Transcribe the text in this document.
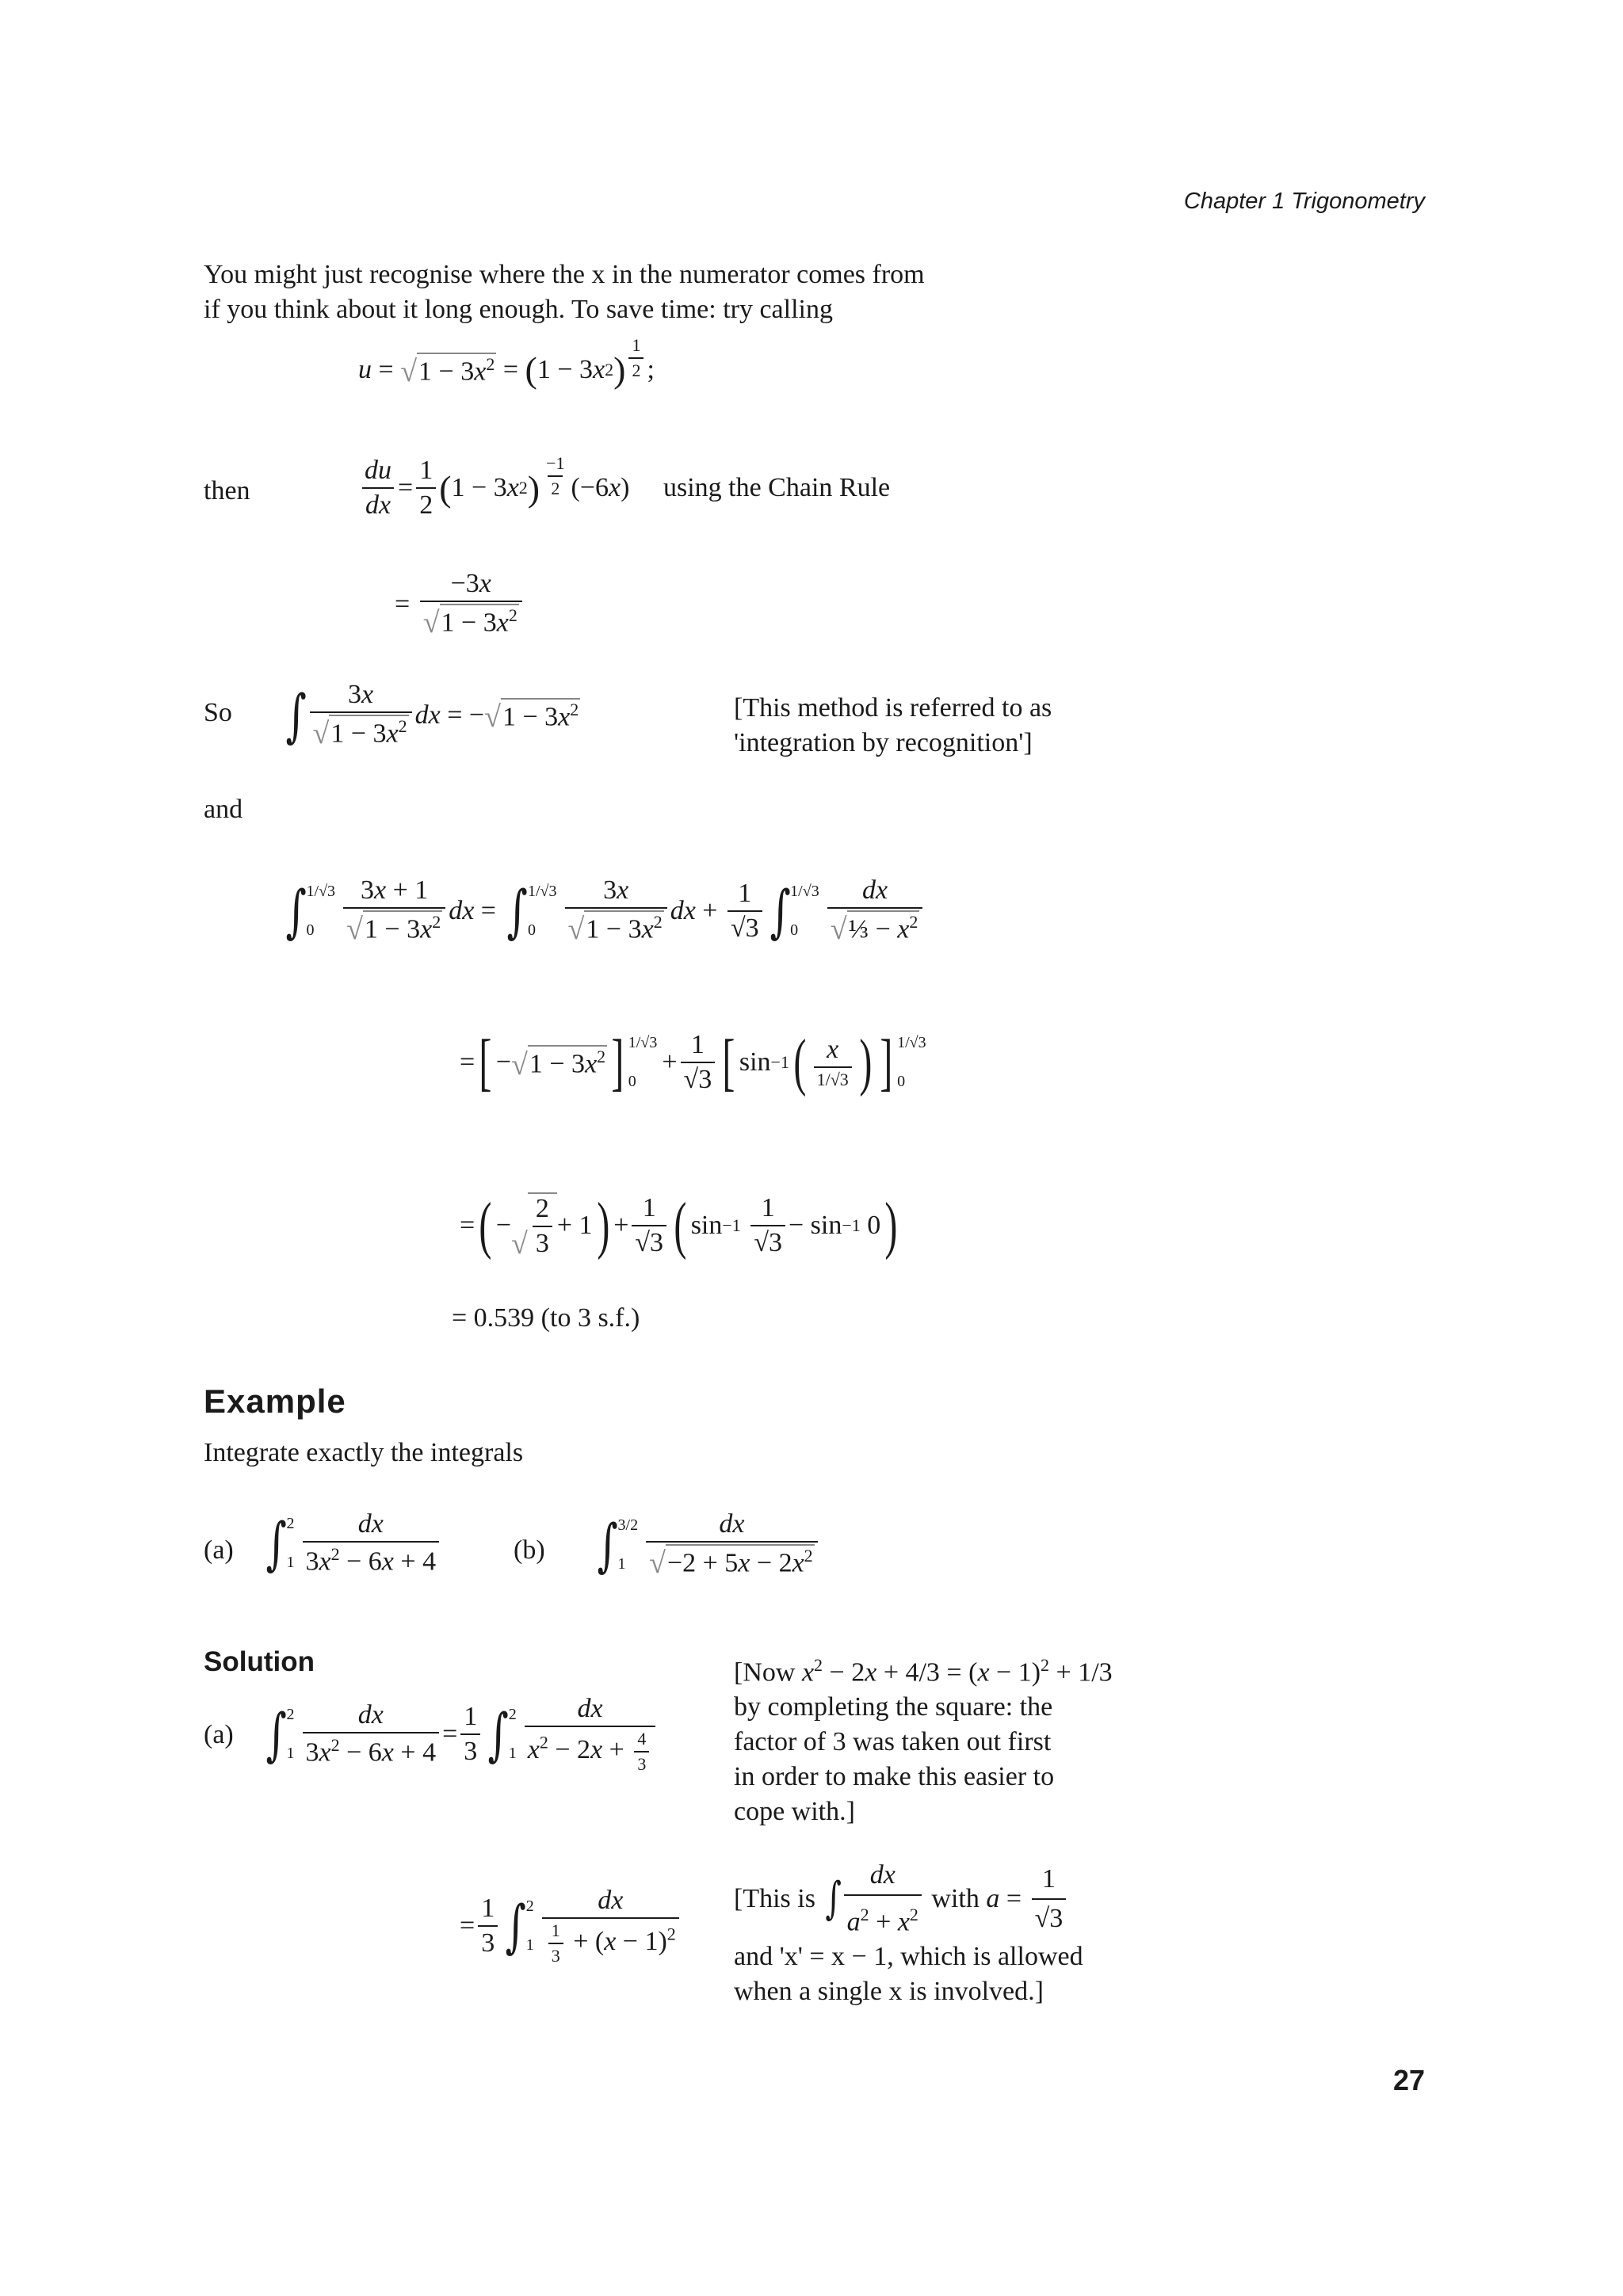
Chapter 1 Trigonometry
You might just recognise where the x in the numerator comes from
if you think about it long enough. To save time: try calling
u = √ $1 - 3x^2$ = ( 1 − 3 x 2 ) $\frac{1}{2}$ ;
then	$\frac{du}{dx} = \frac{1}{2}$ ( 1 − 3 x 2 ) $\frac{-1}{2} (-6$ x ) using the Chain Rule
= $\frac{-3x}{√ 1 - 3x^2}$
So ∫ $\frac{3x}{√ 1 - 3x^2}$ dx = − √ $1 - 3x^2$	[This method is referred to as
'integration by recognition']
and
∫ 1/√3
0	$\frac{3x + 1}{√ 1 - 3x^2}$ dx = ∫ 1/√3
0	$\frac{3x}{√ 1 - 3x^2}$ dx + $\frac{1}{√3}$ ∫ 1/√3
0	$\frac{dx}{√ \frac{1}{3} - x^2}$
= [ − √ $1 - 3x^2$ ] 1/√3
0
+ $\frac{1}{√3}$ [ sin −1 ( $\frac{x}{1/√3}$ ) ] 1/√3
0
= ( −
√ $\frac{2}{3} + 1$ ) + $\frac{1}{√3}$ ( sin −1
$\frac{1}{√3} - \sin -1$ 0 )
= 0.539 (to 3 s.f.)
Example
Integrate exactly the integrals
(a) ∫ 2
$1 \frac{dx}{3x^2 - 6x + 4}$	(b) ∫ 3/2
$1 \frac{dx}{√ -2 + 5x - 2x^2}$
Solution
(a) ∫ 2
$1 \frac{dx}{3x^2 - 6x + 4} = \frac{1}{3}$ ∫ 2
$1 \frac{dx}{x^2 - 2x + \frac{4}{3}}$
[Now $x^2 - 2x + 4/3 = (x - 1)^2 + 1/3$
by completing the square: the
factor of 3 was taken out first
in order to make this easier to
cope with.]
= $\frac{1}{3}$ ∫ 2
$1 \frac{dx}{\frac{1}{3} + (x - 1)^2}$ [This is
∫ $\frac{dx}{a^2 + x^2}$
with
$a = \frac{1}{√3}$
and 'x' = x − 1, which is allowed
when a single x is involved.]
27
